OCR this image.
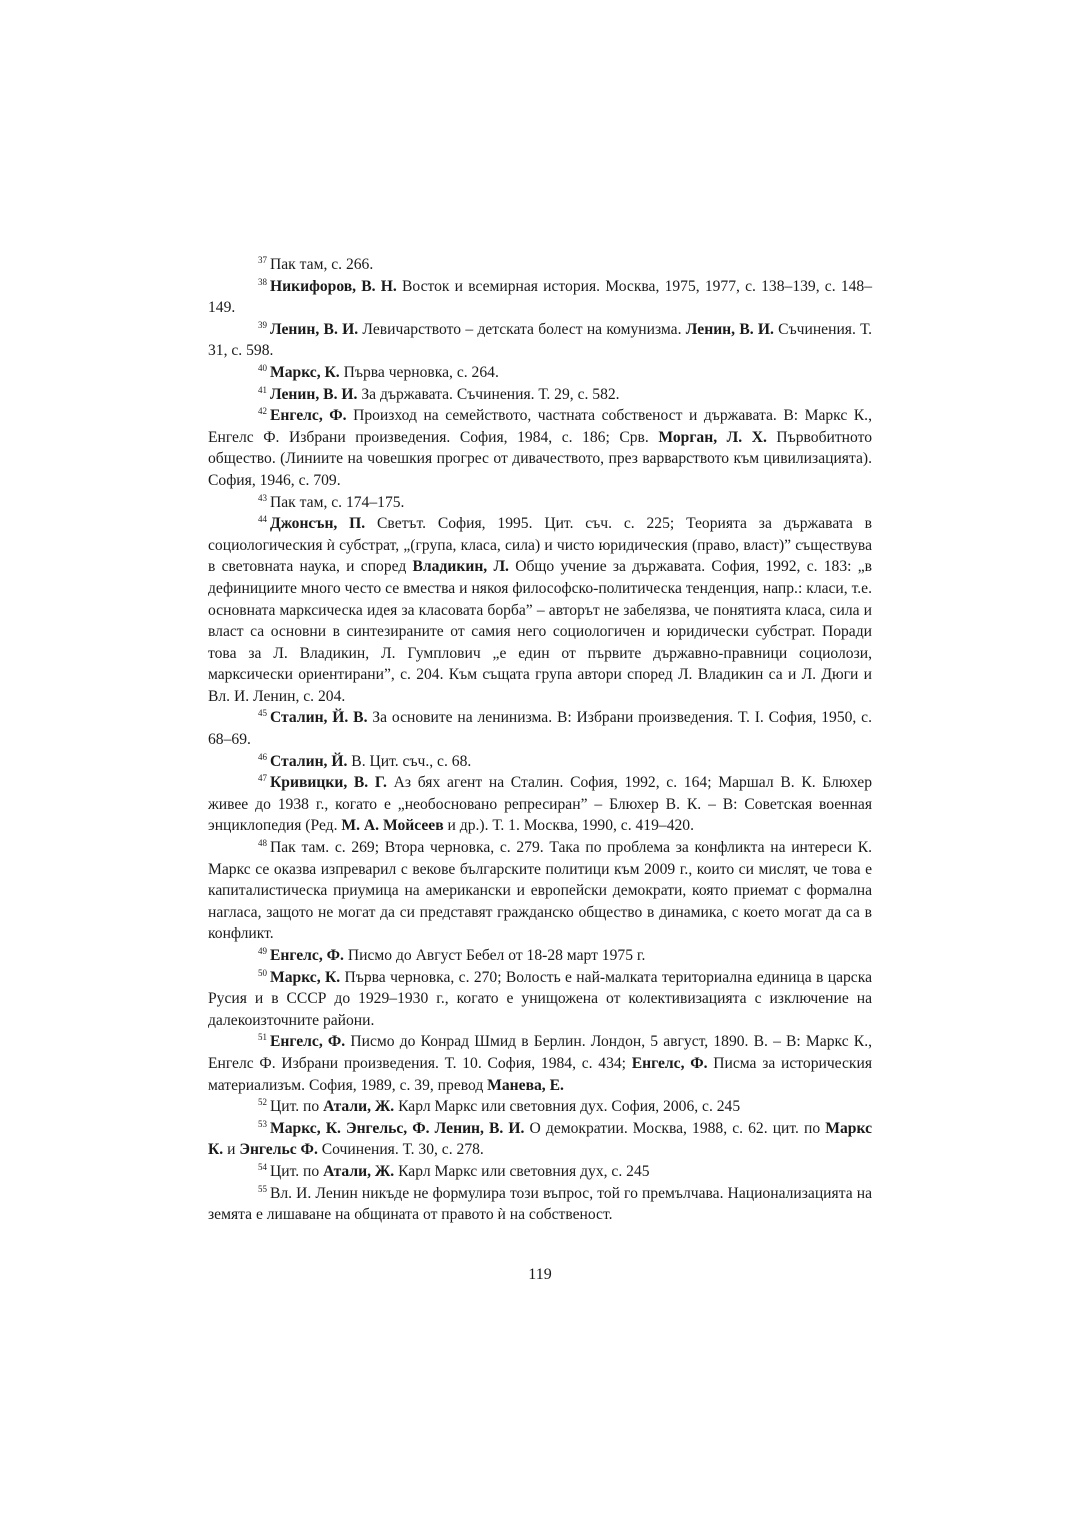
$^{37}$ Пак там, с. 266.

$^{38}$ Никифоров, В. Н. Восток и всемирная история. Москва, 1975, 1977, с. 138–139, с. 148–149.

$^{39}$ Ленин, В. И. Левичарството – детската болест на комунизма. Ленин, В. И. Съчинения. Т. 31, с. 598.

$^{40}$ Маркс, К. Първа черновка, с. 264.

$^{41}$ Ленин, В. И. За държавата. Съчинения. Т. 29, с. 582.

$^{42}$ Енгелс, Ф. Произход на семейството, частната собственост и държавата. В: Маркс К., Енгелс Ф. Избрани произведения. София, 1984, с. 186; Срв. Морган, Л. Х. Първобитното общество. (Линиите на човешкия прогрес от дивачеството, през варварството към цивилизацията). София, 1946, с. 709.

$^{43}$ Пак там, с. 174–175.

$^{44}$ Джонсън, П. Светът. София, 1995. Цит. съч. с. 225; Теорията за държавата в социологическия ѝ субстрат, „(група, класа, сила) и чисто юридическия (право, власт)” съществува в световната наука, и според Владикин, Л. Общо учение за държавата. София, 1992, с. 183: „в дефинициите много често се вмества и някоя философско-политическа тенденция, напр.: класи, т.е. основната марксическа идея за класовата борба” – авторът не забелязва, че понятията класа, сила и власт са основни в синтезираните от самия него социологичен и юридически субстрат. Поради това за Л. Владикин, Л. Гумплович „е един от първите държавно-правници социолози, марксически ориентирани”, с. 204. Към същата група автори според Л. Владикин са и Л. Дюги и Вл. И. Ленин, с. 204.

$^{45}$ Сталин, Й. В. За основите на ленинизма. В: Избрани произведения. Т. І. София, 1950, с. 68–69.

$^{46}$ Сталин, Й. В. Цит. съч., с. 68.

$^{47}$ Кривицки, В. Г. Аз бях агент на Сталин. София, 1992, с. 164; Маршал В. К. Блюхер живее до 1938 г., когато е „необосновано репресиран” – Блюхер В. К. – В: Советская военная энциклопедия (Ред. М. А. Мойсеев и др.). Т. 1. Москва, 1990, с. 419–420.

$^{48}$ Пак там. с. 269; Втора черновка, с. 279. Така по проблема за конфликта на интереси К. Маркс се оказва изпреварил с векове българските политици към 2009 г., които си мислят, че това е капиталистическа приумица на американски и европейски демократи, която приемат с формална нагласа, защото не могат да си представят гражданско общество в динамика, с което могат да са в конфликт.

$^{49}$ Енгелс, Ф. Писмо до Август Бебел от 18-28 март 1975 г.

$^{50}$ Маркс, К. Първа черновка, с. 270; Волость е най-малката териториална единица в царска Русия и в СССР до 1929–1930 г., когато е унищожена от колективизацията с изключение на далекоизточните райони.

$^{51}$ Енгелс, Ф. Писмо до Конрад Шмид в Берлин. Лондон, 5 август, 1890. В. – В: Маркс К., Енгелс Ф. Избрани произведения. Т. 10. София, 1984, с. 434; Енгелс, Ф. Писма за историческия материализъм. София, 1989, с. 39, превод Манева, Е.

$^{52}$ Цит. по Атали, Ж. Карл Маркс или световния дух. София, 2006, с. 245

$^{53}$ Маркс, К. Энгельс, Ф. Ленин, В. И. О демократии. Москва, 1988, с. 62. цит. по Маркс К. и Энгельс Ф. Сочинения. Т. 30, с. 278.

$^{54}$ Цит. по Атали, Ж. Карл Маркс или световния дух, с. 245

$^{55}$ Вл. И. Ленин никъде не формулира този въпрос, той го премълчава. Национализацията на земята е лишаване на общината от правото ѝ на собственост.

119
